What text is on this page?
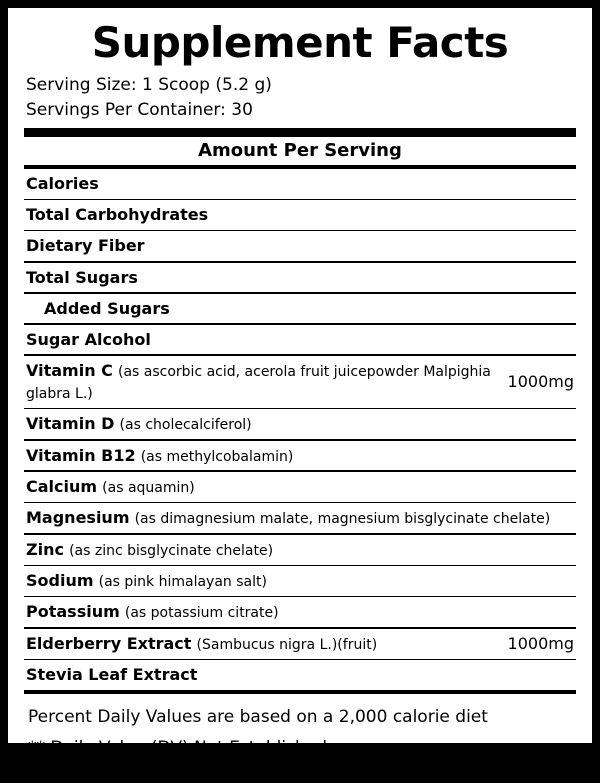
Supplement Facts
Serving Size: 1 Scoop (5.2 g)
Servings Per Container: 30
Amount Per Serving
Calories
Total Carbohydrates
Dietary Fiber
Total Sugars
Added Sugars
Sugar Alcohol
Vitamin C (as ascorbic acid, acerola fruit juicepowder Malpighia glabra L.)
1000mg
Vitamin D (as cholecalciferol)
Vitamin B12 (as methylcobalamin)
Calcium (as aquamin)
Magnesium (as dimagnesium malate, magnesium bisglycinate chelate)
Zinc (as zinc bisglycinate chelate)
Sodium (as pink himalayan salt)
Potassium (as potassium citrate)
Elderberry Extract (Sambucus nigra L.)(fruit)	1000mg
Stevia Leaf Extract
Percent Daily Values are based on a 2,000 calorie diet
** Daily Value (DV) Not Established
